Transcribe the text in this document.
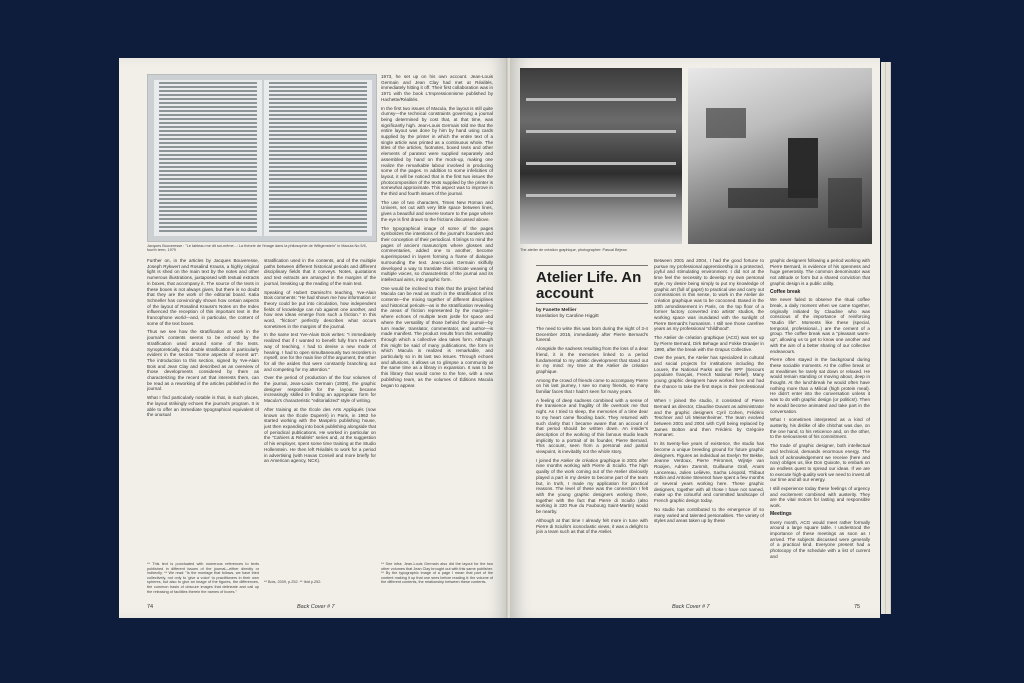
Jacques Bouveresse : "Le tableau me dit soi-même...: La théorie de l'image dans la philosophie de Wittgenstein" in Macula No 5/6, fourth term, 1979

Further on, in the articles by Jacques Bouveresse, Joseph Rykwert and Rosalind Krauss, a highly original light is shed on the main text by the notes and other numerous illustrations, juxtaposed with textual extracts in boxes, that accompany it. The source of the texts in these boxes is not always given, but there is no doubt that they are the work of the editorial board. Katia Schneller has convincingly shown how certain aspects of the layout of Rosalind Krauss's Notes on the Index influenced the reception of this important text in the francophone world—and, in particular, the content of some of the text boxes.

Thus we see how the stratification at work in the journal's contents seems to be echoed by the stratification used around some of the texts. Synoptoretically, this double stratification is particularly evident in the section "Some aspects of recent art". The introduction to this section, signed by Yve-Alain Bois and Jean Clay and described as an overview of those developments considered by them as characterizing the recent art that interests them, can be read as a reworking of the articles published in the journal.

What I find particularly notable is that, in such places, the layout strikingly echoes the journal's program. It is able to offer an immediate typographical equivalent of the unusual

** This text is punctuated with numerous references to texts published in different issues of the journal—either directly or indirectly. ** We read: "Is the montage that follows, we have tried collectively, not only to 'give a voice' to practitioners in their own spheres, but also to give an image of the figures, the differences, the common basis of obscure images that delineate and call up the releasing of facilities therein the names of boxes."

stratification used in the contents, and of the multiple paths between different historical periods and different disciplinary fields that it conveys. Notes, quotations and text extracts are arranged in the margins of the journal, breaking up the reading of the main text.

Speaking of Hubert Damisch's teaching, Yve-Alain Bois comments: "He had shown me how information or theory could be put into circulation, how independent fields of knowledge can rub against one another, and how new ideas emerge from such a friction." In this word, "friction" perfectly describes what occurs sometimes in the margins of the journal.

In the same text Yve-Alain Bois writes: "I immediately realized that if I wanted to benefit fully from Hubert's way of teaching, I had to devise a new mode of hearing. I had to open simultaneously two recorders in myself, one for the main line of the argument, the other for all the asides that were constantly branching out and competing for my attention."

Over the period of production of the four volumes of the journal, Jean-Louis Germain (1939), the graphic designer responsible for the layout, became increasingly skilled in finding an appropriate form for Macula's characteristic "editorialized" style of writing.

After training at the École des Arts Appliqués (now known as the École Duperré) in Paris, in 1962 he started working with the Maspéro publishing house, just then expanding into book publishing alongside that of periodical publications. He worked in particular on the "Cahiers & Réalités" series and, at the suggestion of his employer, spent some time training at the Studio Hollenstein. He then left Réalités to work for a period in advertising (with Havas Conseil and more briefly for an American agency, NCK).

** Bois, 2009, p.252. ** Ibid p.252.

1973, he set up on his own account. Jean-Louis Germain and Jean Clay had met at Réalités, immediately hitting it off. Their first collaboration was in 1971 with the book L'Impressionnisme published by Hachette/Réalités.

In the first two issues of Macula, the layout is still quite clumsy—the technical constraints governing a journal being determined by cost that, at that time, was significantly high. Jean-Louis Germain told me that the entire layout was done by him by hand using cards supplied by the printer in which the entire text of a single article was printed as a continuous whole. The titles of the articles, footnotes, boxed texts and other elements of paratext were supplied separately and assembled by hand on the mock-up, making one realize the remarkable labour involved in producing some of the pages. In addition to some infelicities of layout, it will be noticed that in the first two issues the photocomposition of the texts supplied by the printer is somewhat approximate. This aspect was to improve in the third and fourth issues of the journal.

The use of two characters, Times New Roman and Univers, set out with very little space between lines, gives a beautiful and severe texture to the page where the eye is first drawn to the frictions discussed above.

The typographical image of some of the pages symbolizes the intentions of the journal's founders and their conception of their periodical. It brings to mind the pages of ancient manuscripts where glosses and commentaries, added one to another, become superimposed in layers forming a frame of dialogue surrounding the text. Jean-Louis Germain skilfully developed a way to translate this intricate weaving of multiple voices, so characteristic of the journal and its intellectual aims, into graphic form.

One would be inclined to think that the project behind Macula can be read as much in the stratification of its contents—the mixing together of different disciplines and historical periods—as in the stratification revealing the areas of friction represented by the margins—where echoes of multiple texts jostle for space and where the versatility of those behind the journal—by turn reader, translator, commentator, and author—is made manifest. The product results from this versatility through which a collective idea takes form. Although this might be said of many publications, the form in which Macula is realized is remarkable, and particularly so in its last two issues. Through echoes and allusions, it allows us to glimpse a community at the same time as a library in expansion. It was to be this library that would come to the fore, with a new publishing team, as the volumes of Éditions Macula began to appear.

** See infra: Jean-Louis Germain also did the layout for the two other volumes that Jean Clay brought out with this same publisher. ** By the typographic image of a page I mean that part of the content making it up that one sees before reading it: the volume of the different contents, the relationship between these contents.
74	Back Cover # 7
The atelier de création graphique, photographer: Pascal Béjean
Atelier Life. An account
by Fanette Mellier
translation by Caroline Higgitt

The need to write this was born during the night of 3-4 December 2015, immediately after Pierre Bernard's funeral.

Alongside the sadness resulting from the loss of a dear friend, it is the memories linked to a period fundamental to my artistic development that stand out in my mind: my time at the Atelier de création graphique.

Among the crowd of friends come to accompany Pierre on his last journey, I see so many friends, so many familiar faces that I hadn't seen for many years.

A feeling of deep sadness combined with a sense of the transience and fragility of life overtook me that night. As I tried to sleep, the memories of a time dear to my heart came flooding back. They returned with such clarity that I became aware that an account of that period should be written down. An insider's description of the working of this famous studio leads implicitly to a portrait of its founder, Pierre Bernard. This account, seen from a personal and partial viewpoint, is inevitably not the whole story.

I joined the Atelier de création graphique in 2001 after nine months working with Pierre di Sciullo. The high quality of the work coming out of the Atelier obviously played a part in my desire to become part of the team but, in truth, I made my application for practical reasons. The level of these was the connection I felt with the young graphic designers working there, together with the fact that Pierre di Sciullo (also working in 220 Rue du Faubourg Saint-Martin) would be nearby.

Although at that time I already felt more in tune with Pierre di Sciullo's iconoclastic views, it was a delight to join a team such as that of the Atelier.

Between 2001 and 2004, I had the good fortune to pursue my professional apprenticeship in a protected, joyful and stimulating environment. I did not at the time feel the necessity to develop my own personal style, my desire being simply to put my knowledge of graphic art (full of gaps!) to practical use and carry out commissions in this sense, to work in the Atelier de création graphique was to be cocooned. Based in the 10th arrondissement in Paris, on the top floor of a former factory converted into artists' studios, the working space was inundated with the sunlight of Pierre Bernard's humanism. I still see those carefree years as my professional "childhood".

The Atelier de création graphique (ACG) was set up by Pierre Bernard, Dirk Behage and Fokke Draaijer in 1990, after the break with the Grapus Collective.

Over the years, the Atelier has specialized in cultural and social projects for institutions including the Louvre, the National Parks and the SPF (Secours populaire français, French National Relief). Many young graphic designers have worked here and had the chance to take the first steps in their professional life.

When I joined the studio, it consisted of Pierre Bernard as director, Claudine Duvant as administrator and the graphic designers Cyril Cohen, Frédéric Teschner and Uli Meisenheimer. The team evolved between 2001 and 2004 with Cyril being replaced by James Bolton and then Frédéric by Grégoire Romanet.

In its twenty-five years of existence, the studio has become a unique breeding ground for future graphic designers. Figures as individual as Evelyn Ter Bekke, Jeanne Verdoux, Pierre Péronnet, Wijntje van Rooijen, Adrien Zammit, Guillaume Grall, Anaïs Lancereau, Julien Lelièvre, Sacha Léopold, Thibaut Robin and Antoine Stevenot have spent a few months or several years working here. These graphic designers, together with all those I have not named, make up the colourful and committed landscape of French graphic design today.

No studio has contributed to the emergence of so many varied and talented personalities. The variety of styles and areas taken up by these

graphic designers following a period working with Pierre Bernard, is evidence of his openness and huge generosity. The common denominator was not attitude or form but a shared conviction that graphic design is a public utility.

Coffee break

We never failed to observe the ritual coffee break, a daily moment when we came together, originally initiated by Claudine who was conscious of the importance of reinforcing "studio life". Moments like these (special, temporal, professional...) are the cement of a group. The coffee break was a "pleasant warm-up", allowing us to get to know one another and with the aim of a better sharing of our collective endeavours.

Pierre often stayed in the background during these sociable moments. At the coffee break or at mealtimes he rarely sat down or relaxed. He would remain standing or moving about, deep in thought. At the lunchbreak he would often have nothing more than a Milical (high protein meal). He didn't enter into the conversation unless it was to do with graphic design (or politics!). Then he would become animated and take part in the conversation.

What I sometimes interpreted as a kind of austerity, his dislike of idle chitchat was due, on the one hand, to his reticence and, on the other, to the seriousness of his commitment.

The trade of graphic designer, both intellectual and technical, demands enormous energy. The lack of acknowledgement we receive (here and now) obliges us, like Don Quixote, to embark on an endless quest to spread our ideas. If we are to execute high-quality work we need to invest all our time and all our energy.

I still experience today these feelings of urgency and excitement combined with austerity. They are the vital motors for lasting and responsible work.

Meetings

Every month, ACG would meet rather formally around a large square table. I understood the importance of these meetings as soon as I arrived. The subjects discussed were generally of a practical kind. Everyone present had a photocopy of the schedule with a list of current and

Back Cover # 7	75
